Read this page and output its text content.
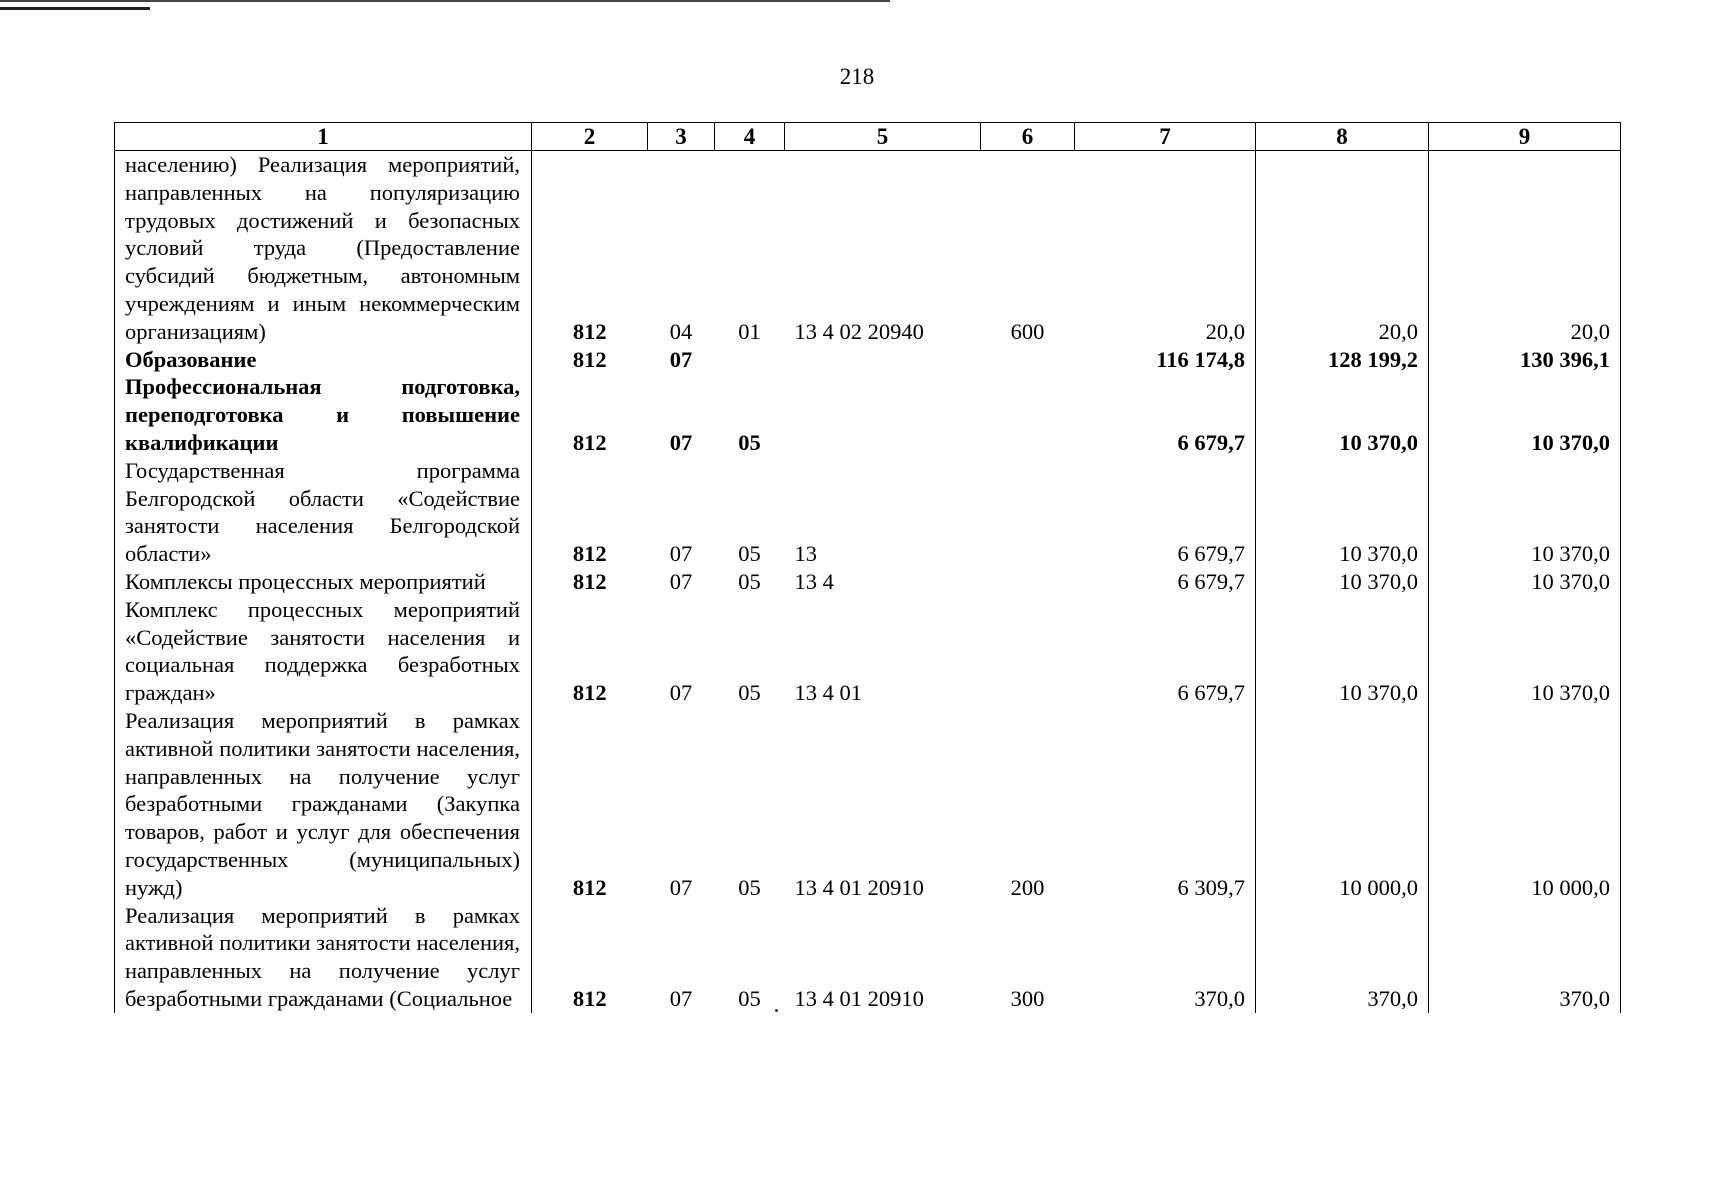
218
1	2	3	4	5	6	7	8	9
населению) Реализация мероприятий, направленных на популяризацию трудовых достижений и безопасных условий труда (Предоставление субсидий бюджетным, автономным учреждениям и иным некоммерческим организациям)	812	04	01	13 4 02 20940	600	20,0	20,0	20,0
Образование	812	07				116 174,8	128 199,2	130 396,1
Профессиональная подготовка, переподготовка и повышение квалификации	812	07	05			6 679,7	10 370,0	10 370,0
Государственная программа Белгородской области «Содействие занятости населения Белгородской области»	812	07	05	13		6 679,7	10 370,0	10 370,0
Комплексы процессных мероприятий	812	07	05	13 4		6 679,7	10 370,0	10 370,0
Комплекс процессных мероприятий «Содействие занятости населения и социальная поддержка безработных граждан»	812	07	05	13 4 01		6 679,7	10 370,0	10 370,0
Реализация мероприятий в рамках активной политики занятости населения, направленных на получение услуг безработными гражданами (Закупка товаров, работ и услуг для обеспечения государственных (муниципальных) нужд)	812	07	05	13 4 01 20910	200	6 309,7	10 000,0	10 000,0
Реализация мероприятий в рамках активной политики занятости населения, направленных на получение услуг безработными гражданами (Социальное	812	07	05	13 4 01 20910	300	370,0	370,0	370,0
